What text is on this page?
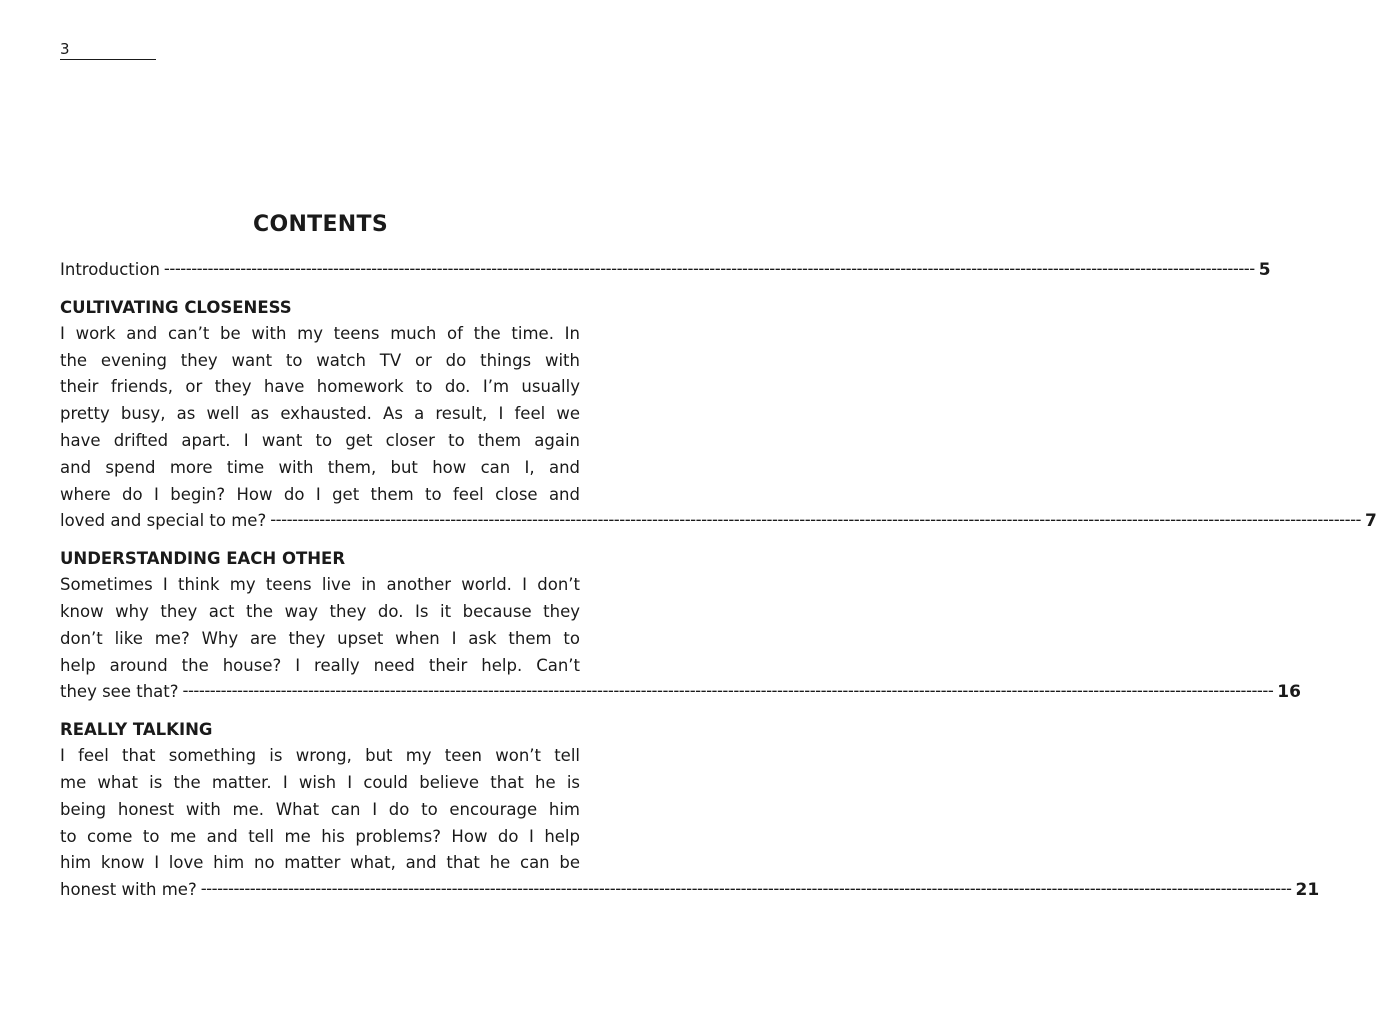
3
CONTENTS
Introduction -------------------------------------------------------------------------------------------------------------------------------------------------------------------------------------------------------- 5
CULTIVATING CLOSENESS
I work and can’t be with my teens much of the time. In
the evening they want to watch TV or do things with
their friends, or they have homework to do. I’m usually
pretty busy, as well as exhausted. As a result, I feel we
have drifted apart. I want to get closer to them again
and spend more time with them, but how can I, and
where do I begin? How do I get them to feel close and
loved and special to me? -------------------------------------------------------------------------------------------------------------------------------------------------------------------------------------------------------- 7
UNDERSTANDING EACH OTHER
Sometimes I think my teens live in another world. I don’t
know why they act the way they do. Is it because they
don’t like me? Why are they upset when I ask them to
help around the house? I really need their help. Can’t
they see that? -------------------------------------------------------------------------------------------------------------------------------------------------------------------------------------------------------- 16
REALLY TALKING
I feel that something is wrong, but my teen won’t tell
me what is the matter. I wish I could believe that he is
being honest with me. What can I do to encourage him
to come to me and tell me his problems? How do I help
him know I love him no matter what, and that he can be
honest with me? -------------------------------------------------------------------------------------------------------------------------------------------------------------------------------------------------------- 21
